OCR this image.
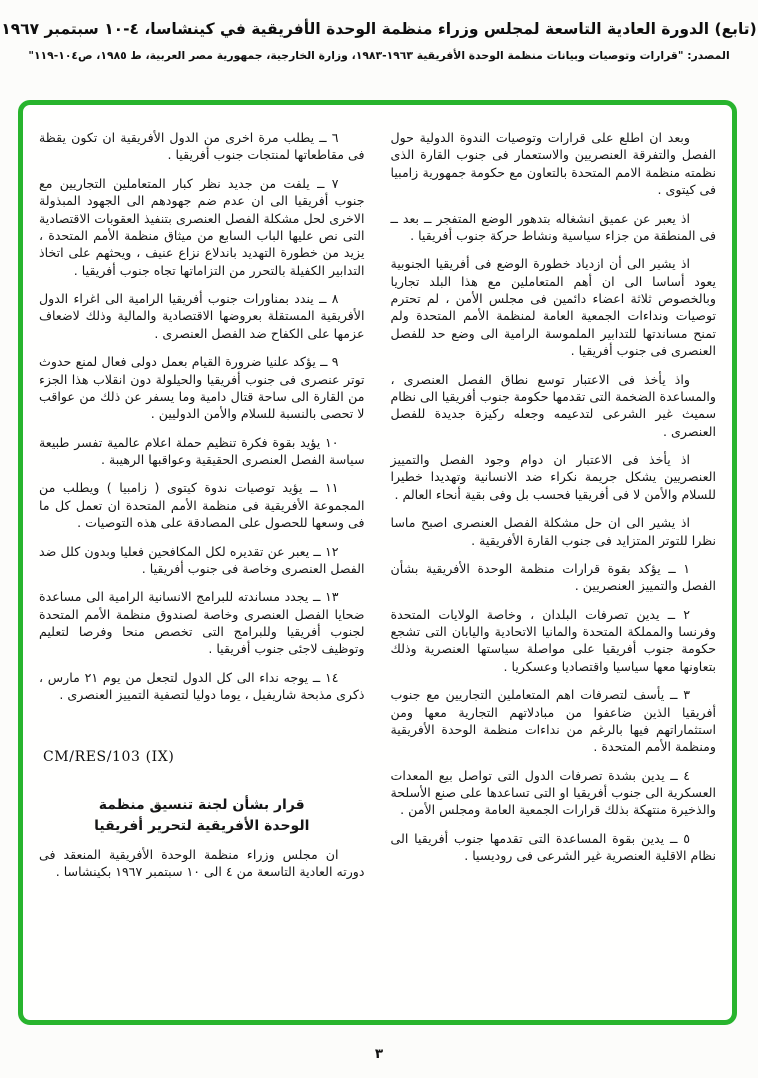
(تابع) الدورة العادية التاسعة لمجلس وزراء منظمة الوحدة الأفريقية في كينشاسا، ٤-١٠ سبتمبر ١٩٦٧
المصدر: "قرارات وتوصيات وبيانات منظمة الوحدة الأفريقية ١٩٦٣-١٩٨٣، وزارة الخارجية، جمهورية مصر العربية، ط ١٩٨٥، ص١٠٤-١١٩"

وبعد ان اطلع على قرارات وتوصيات الندوة الدولية حول الفصل والتفرقة العنصريين والاستعمار فى جنوب القارة الذى نظمته منظمة الامم المتحدة بالتعاون مع حكومة جمهورية زامبيا فى كيتوى .

اذ يعبر عن عميق انشغاله بتدهور الوضع المتفجر ــ بعد ــ فى المنطقة من جزاء سياسية ونشاط حركة جنوب أفريقيا .

اذ يشير الى أن ازدياد خطورة الوضع فى أفريقيا الجنوبية يعود أساسا الى ان أهم المتعاملين مع هذا البلد تجاريا وبالخصوص ثلاثة اعضاء دائمين فى مجلس الأمن ، لم تحترم توصيات ونداءات الجمعية العامة لمنظمة الأمم المتحدة ولم تمنح مساندتها للتدابير الملموسة الرامية الى وضع حد للفصل العنصرى فى جنوب أفريقيا .

واذ يأخذ فى الاعتبار توسع نطاق الفصل العنصرى ، والمساعدة الضخمة التى تقدمها حكومة جنوب أفريقيا الى نظام سميث غير الشرعى لتدعيمه وجعله ركيزة جديدة للفصل العنصرى .

اذ يأخذ فى الاعتبار ان دوام وجود الفصل والتمييز العنصريين يشكل جريمة نكراء ضد الانسانية وتهديدا خطيرا للسلام والأمن لا فى أفريقيا فحسب بل وفى بقية أنحاء العالم .

اذ يشير الى ان حل مشكلة الفصل العنصرى اصبح ماسا نظرا للتوتر المتزايد فى جنوب القارة الأفريقية .

١ ــ يؤكد بقوة قرارات منظمة الوحدة الأفريقية بشأن الفصل والتمييز العنصريين .

٢ ــ يدين تصرفات البلدان ، وخاصة الولايات المتحدة وفرنسا والمملكة المتحدة والمانيا الاتحادية واليابان التى تشجع حكومة جنوب أفريقيا على مواصلة سياستها العنصرية وذلك بتعاونها معها سياسيا واقتصاديا وعسكريا .

٣ ــ يأسف لتصرفات اهم المتعاملين التجاريين مع جنوب أفريقيا الذين ضاعفوا من مبادلاتهم التجارية معها ومن استثماراتهم فيها بالرغم من نداءات منظمة الوحدة الأفريقية ومنظمة الأمم المتحدة .

٤ ــ يدين بشدة تصرفات الدول التى تواصل بيع المعدات العسكرية الى جنوب أفريقيا او التى تساعدها على صنع الأسلحة والذخيرة منتهكة بذلك قرارات الجمعية العامة ومجلس الأمن .

٥ ــ يدين بقوة المساعدة التى تقدمها جنوب أفريقيا الى نظام الاقلية العنصرية غير الشرعى فى روديسيا .

٦ ــ يطلب مرة اخرى من الدول الأفريقية ان تكون يقظة فى مقاطعاتها لمنتجات جنوب أفريقيا .

٧ ــ يلفت من جديد نظر كبار المتعاملين التجاريين مع جنوب أفريقيا الى ان عدم ضم جهودهم الى الجهود المبذولة الاخرى لحل مشكلة الفصل العنصرى بتنفيذ العقوبات الاقتصادية التى نص عليها الباب السابع من ميثاق منظمة الأمم المتحدة ، يزيد من خطورة التهديد باندلاع نزاع عنيف ، ويحثهم على اتخاذ التدابير الكفيلة بالتحرر من التزاماتها تجاه جنوب أفريقيا .

٨ ــ يندد بمناورات جنوب أفريقيا الرامية الى اغراء الدول الأفريقية المستقلة بعروضها الاقتصادية والمالية وذلك لاضعاف عزمها على الكفاح ضد الفصل العنصرى .

٩ ــ يؤكد علنيا ضرورة القيام بعمل دولى فعال لمنع حدوث توتر عنصرى فى جنوب أفريقيا والحيلولة دون انقلاب هذا الجزء من القارة الى ساحة قتال دامية وما يسفر عن ذلك من عواقب لا تحصى بالنسبة للسلام والأمن الدوليين .

١٠ يؤيد بقوة فكرة تنظيم حملة اعلام عالمية تفسر طبيعة سياسة الفصل العنصرى الحقيقية وعواقبها الرهيبة .

١١ ــ يؤيد توصيات ندوة كيتوى ( زامبيا ) ويطلب من المجموعة الأفريقية فى منظمة الأمم المتحدة ان تعمل كل ما فى وسعها للحصول على المصادقة على هذه التوصيات .

١٢ ــ يعبر عن تقديره لكل المكافحين فعليا وبدون كلل ضد الفصل العنصرى وخاصة فى جنوب أفريقيا .

١٣ ــ يجدد مساندته للبرامج الانسانية الرامية الى مساعدة ضحايا الفصل العنصرى وخاصة لصندوق منظمة الأمم المتحدة لجنوب أفريقيا وللبرامج التى تخصص منحا وفرصا لتعليم وتوظيف لاجئى جنوب أفريقيا .

١٤ ــ يوجه نداء الى كل الدول لتجعل من يوم ٢١ مارس ، ذكرى مذبحة شاريفيل ، يوما دوليا لتصفية التمييز العنصرى .

CM/RES/103 (IX)
قرار بشأن لجنة تنسيق منظمة
الوحدة الأفريقية لتحرير أفريقيا

ان مجلس وزراء منظمة الوحدة الأفريقية المنعقد فى دورته العادية التاسعة من ٤ الى ١٠ سبتمبر ١٩٦٧ بكينشاسا .

٣
